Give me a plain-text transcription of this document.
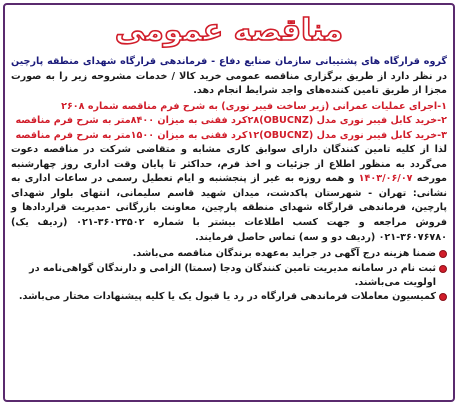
مناقصه عمومی
گروه قرارگاه های پشتیبانی سازمان صنایع دفاع - فرماندهی قرارگاه شهدای منطقه پارچین در نظر دارد از طریق برگزاری مناقصه عمومی خرید کالا / خدمات مشروحه زیر را به صورت مجزا از طریق تامین کنندەهای واجد شرایط انجام دهد.
۱-اجرای عملیات عمرانی (زیر ساخت فیبر نوری) به شرح فرم مناقصه شماره ۲۶۰۸
۲-خرید کابل فیبر نوری مدل (OBUCNZ)۲۸کرد فقنی به میزان ۸۴۰۰متر به شرح فرم مناقصه
۳-خرید کابل فیبر نوری مدل (OBUCNZ)۱۲کرد فقنی به میزان ۱۵۰۰متر به شرح فرم مناقصه
لذا از کلیه تامین کنندگان دارای سوابق کاری مشابه و متقاضی شرکت در مناقصه دعوت می‌گردد به منظور اطلاع از جزئیات و اخذ فرم، حداکثر تا پایان وقت اداری روز چهارشنبه مورخه ۱۴۰۳/۰۶/۰۷ و همه روزه به غیر از پنجشنبه و ایام تعطیل رسمی در ساعات اداری به نشانی: تهران - شهرستان پاکدشت، میدان شهید قاسم سلیمانی، انتهای بلوار شهدای پارچین، فرماندهی قرارگاه شهدای منطقه پارچین، معاونت بازرگانی -مدیریت قراردادها و فروش مراجعه و جهت کسب اطلاعات بیشتر با شماره ۳۶۰۲۳۵۰۲-۰۲۱ (ردیف یک) ۳۶۰۷۶۷۸۰-۰۲۱ (ردیف دو و سه) تماس حاصل فرمایند.
ضمنا هزینه درج آگهی در جراید به‌عهده برندگان مناقصه می‌باشد.
ثبت نام در سامانه مدیریت تامین کنندگان ودجا (سمتا) الزامی و دارندگان گواهی‌نامه در اولویت می‌باشند.
کمیسیون معاملات فرماندهی قرارگاه در رد یا قبول یک یا کلیه پیشنهادات مختار می‌باشد.
